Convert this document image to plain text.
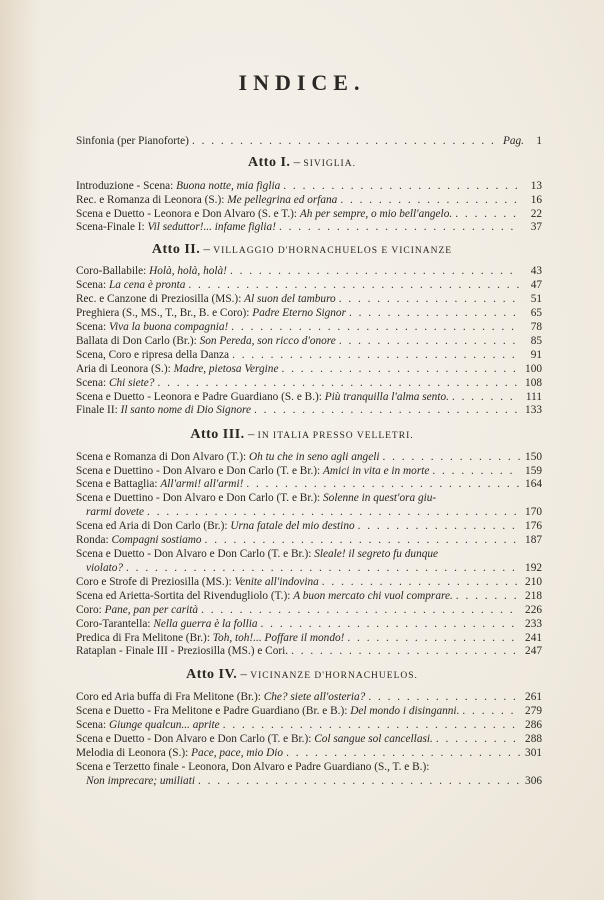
INDICE.
Sinfonia (per Pianoforte) . . .	Pag.	1
Atto I. – SIVIGLIA.
Introduzione - Scena: Buona notte, mia figlia . . .	13
Rec. e Romanza di Leonora (S.): Me pellegrina ed orfana . . .	16
Scena e Duetto - Leonora e Don Alvaro (S. e T.): Ah per sempre, o mio bell'angelo. . . .	22
Scena-Finale I: Vil seduttor!... infame figlia! . . .	37
Atto II. – VILLAGGIO D'HORNACHUELOS E VICINANZE
Coro-Ballabile: Holà, holà, holà! . . .	43
Scena: La cena è pronta . . .	47
Rec. e Canzone di Preziosilla (MS.): Al suon del tamburo . . .	51
Preghiera (S., MS., T., Br., B. e Coro): Padre Eterno Signor . . .	65
Scena: Viva la buona compagnia! . . .	78
Ballata di Don Carlo (Br.): Son Pereda, son ricco d'onore . . .	85
Scena, Coro e ripresa della Danza . . .	91
Aria di Leonora (S.): Madre, pietosa Vergine . . .	100
Scena: Chi siete? . . .	108
Scena e Duetto - Leonora e Padre Guardiano (S. e B.): Più tranquilla l'alma sento. . . .	111
Finale II: Il santo nome di Dio Signore . . .	133
Atto III. – IN ITALIA PRESSO VELLETRI.
Scena e Romanza di Don Alvaro (T.): Oh tu che in seno agli angeli . . .	150
Scena e Duettino - Don Alvaro e Don Carlo (T. e Br.): Amici in vita e in morte . . .	159
Scena e Battaglia: All'armi! all'armi! . . .	164
Scena e Duettino - Don Alvaro e Don Carlo (T. e Br.): Solenne in quest'ora giu- . . .
rarmi dovete . . .	170
Scena ed Aria di Don Carlo (Br.): Urna fatale del mio destino . . .	176
Ronda: Compagni sostiamo . . .	187
Scena e Duetto - Don Alvaro e Don Carlo (T. e Br.): Sleale! il segreto fu dunque . . .
violato? . . .	192
Coro e Strofe di Preziosilla (MS.): Venite all'indovina . . .	210
Scena ed Arietta-Sortita del Rivendugliolo (T.): A buon mercato chi vuol comprare. . . .	218
Coro: Pane, pan per carità . . .	226
Coro-Tarantella: Nella guerra è la follia . . .	233
Predica di Fra Melitone (Br.): Toh, toh!... Poffare il mondo! . . .	241
Rataplan - Finale III - Preziosilla (MS.) e Cori. . . .	247
Atto IV. – VICINANZE D'HORNACHUELOS.
Coro ed Aria buffa di Fra Melitone (Br.): Che? siete all'osteria? . . .	261
Scena e Duetto - Fra Melitone e Padre Guardiano (Br. e B.): Del mondo i disinganni. . . .	279
Scena: Giunge qualcun... aprite . . .	286
Scena e Duetto - Don Alvaro e Don Carlo (T. e Br.): Col sangue sol cancellasi. . . .	288
Melodia di Leonora (S.): Pace, pace, mio Dio . . .	301
Scena e Terzetto finale - Leonora, Don Alvaro e Padre Guardiano (S., T. e B.): . . .
Non imprecare; umiliati . . .	306
